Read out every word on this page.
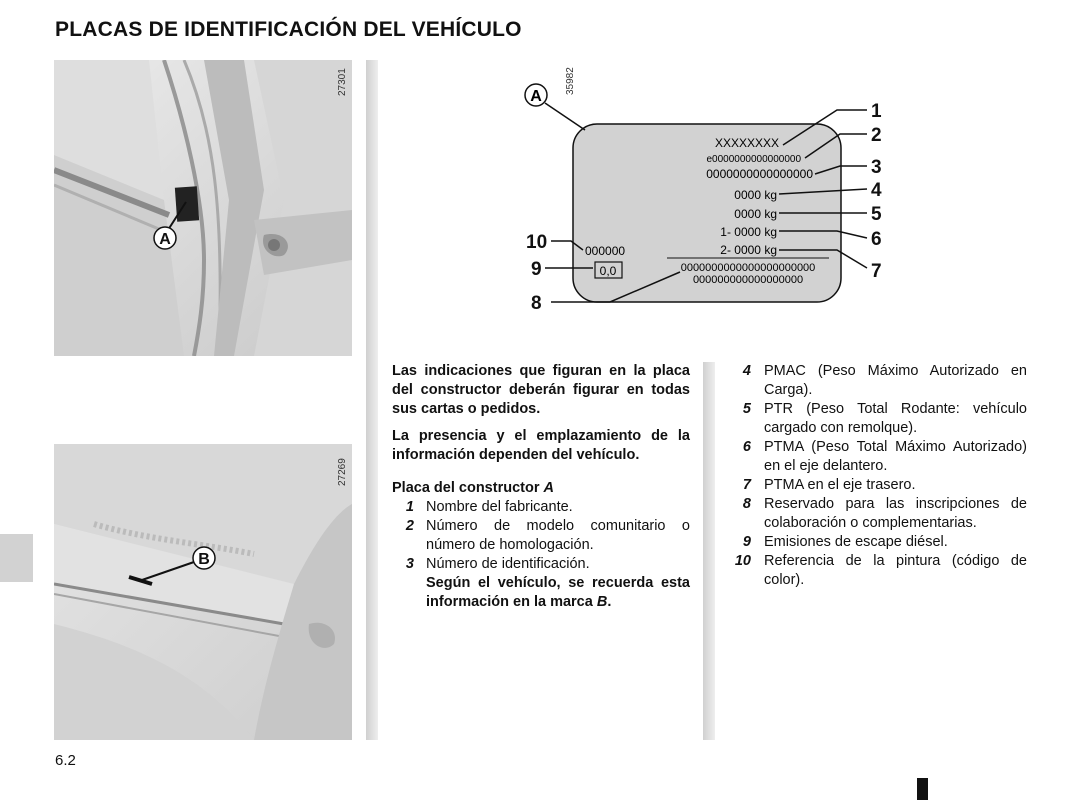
PLACAS DE IDENTIFICACIÓN DEL VEHÍCULO
A
27301
B
27269
A
35982
XXXXXXXX
e0000000000000000
0000000000000000
0000 kg
0000 kg
1- 0000 kg
2- 0000 kg
000000
0,0	0000000000000000000000
000000000000000000
1
2
3
4
5
6
7
8
9
10

Las indicaciones que figuran en la placa del constructor deberán figurar en todas sus cartas o pedidos.

La presencia y el emplazamiento de la información dependen del vehículo.

Placa del constructor A
1 Nombre del fabricante.
2 Número de modelo comunitario o número de homologación.
3 Número de identificación.
Según el vehículo, se recuerda esta información en la marca B.
4 PMAC (Peso Máximo Autorizado en Carga).
5 PTR (Peso Total Rodante: vehículo cargado con remolque).
6 PTMA (Peso Total Máximo Autorizado) en el eje delantero.
7 PTMA en el eje trasero.
8 Reservado para las inscripciones de colaboración o complementarias.
9 Emisiones de escape diésel.
10 Referencia de la pintura (código de color).
6.2
